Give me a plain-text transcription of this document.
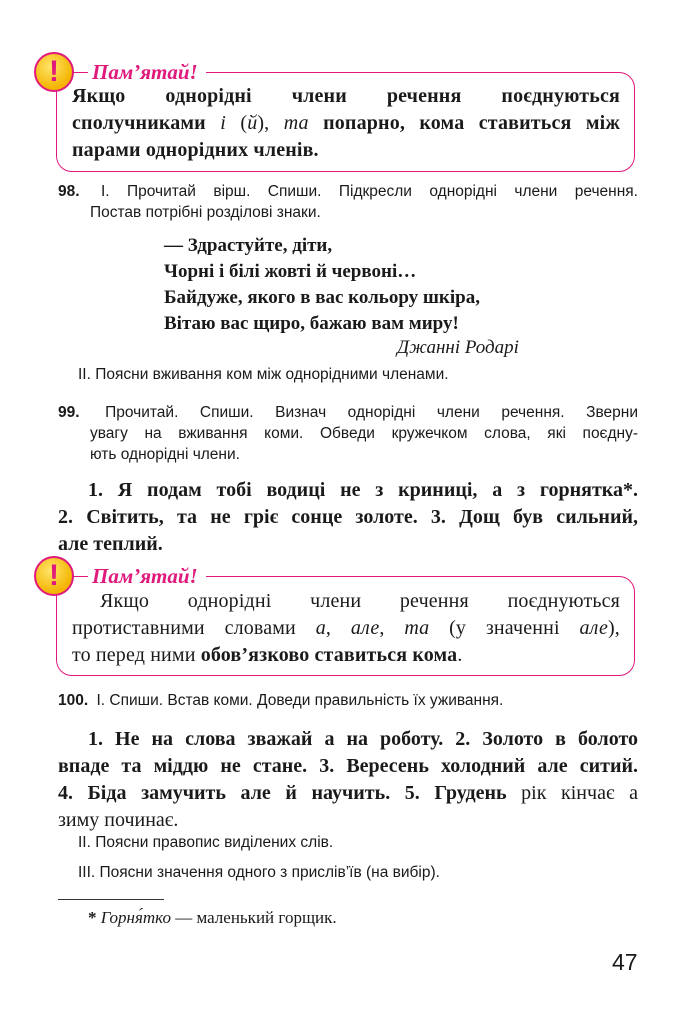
!	Пам’ятай!
Якщо однорідні члени речення поєднуються
сполучниками і (й), та попарно, кома ставиться між
парами однорідних членів.
98. І. Прочитай вірш. Спиши. Підкресли однорідні члени речення.
Постав потрібні розділові знаки.
— Здрастуйте, діти,
Чорні і білі жовті й червоні…
Байдуже, якого в вас кольору шкіра,
Вітаю вас щиро, бажаю вам миру!
Джанні Родарі
ІІ. Поясни вживання ком між однорідними членами.
99. Прочитай. Спиши. Визнач однорідні члени речення. Зверни
увагу на вживання коми. Обведи кружечком слова, які поєдну-
ють однорідні члени.
1. Я подам тобі водиці не з криниці, а з горнятка*.
2. Світить, та не гріє сонце золоте. 3. Дощ був сильний,
але теплий.
!	Пам’ятай!
Якщо однорідні члени речення поєднуються
протиставними словами а, але, та (у значенні але),
то перед ними обов’язково ставиться кома.
100. І. Спиши. Встав коми. Доведи правильність їх уживання.
1. Не на слова зважай а на роботу. 2. Золото в болото
впаде та міддю не стане. 3. Вересень холодний але ситий.
4. Біда замучить але й научить. 5. Грудень рік кінчає а
зиму починає.
ІІ. Поясни правопис виділених слів.
ІІІ. Поясни значення одного з прислів’їв (на вибір).
* Горня́тко — маленький горщик.
47
